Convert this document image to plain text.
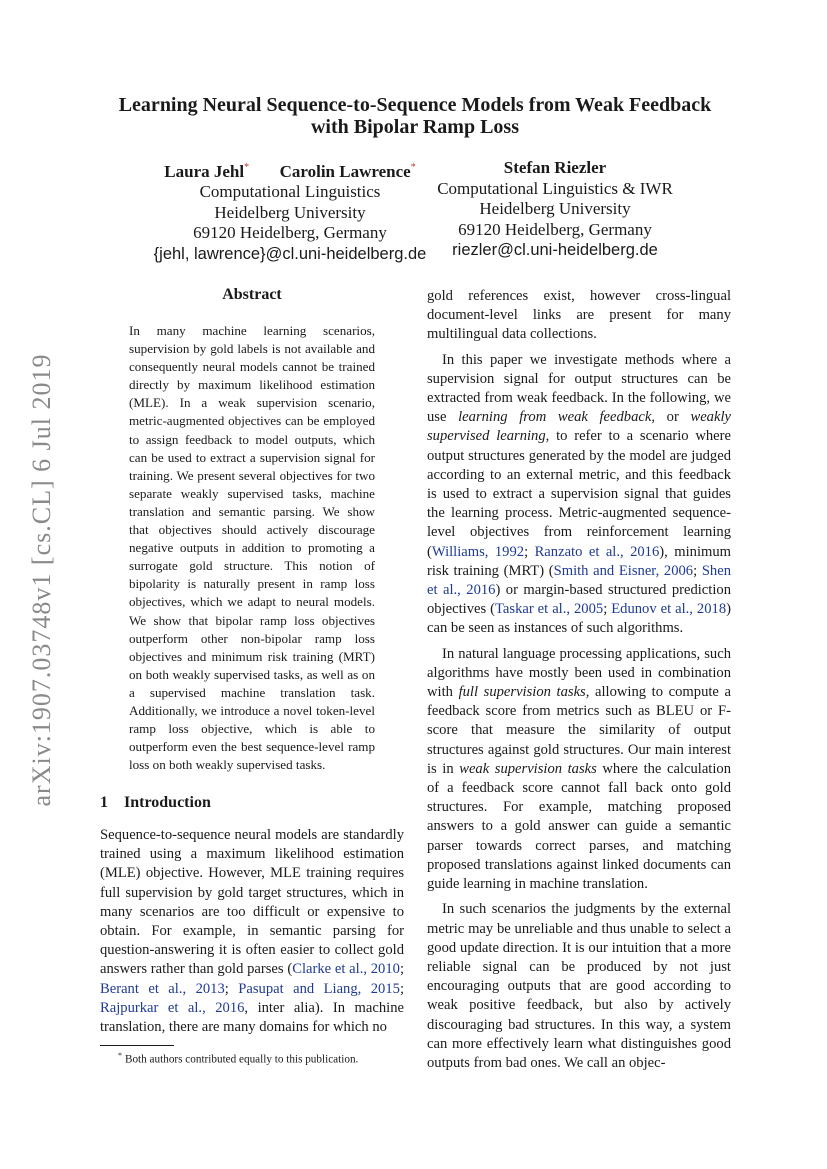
arXiv:1907.03748v1 [cs.CL] 6 Jul 2019
Learning Neural Sequence-to-Sequence Models from Weak Feedback
with Bipolar Ramp Loss
Laura Jehl* Carolin Lawrence*
Computational Linguistics
Heidelberg University
69120 Heidelberg, Germany
{jehl, lawrence}@cl.uni-heidelberg.de
Stefan Riezler
Computational Linguistics & IWR
Heidelberg University
69120 Heidelberg, Germany
riezler@cl.uni-heidelberg.de
Abstract
In many machine learning scenarios, supervision by gold labels is not available and consequently neural models cannot be trained directly by maximum likelihood estimation (MLE). In a weak supervision scenario, metric-augmented objectives can be employed to assign feedback to model outputs, which can be used to extract a supervision signal for training. We present several objectives for two separate weakly supervised tasks, machine translation and semantic parsing. We show that objectives should actively discourage negative outputs in addition to promoting a surrogate gold structure. This notion of bipolarity is naturally present in ramp loss objectives, which we adapt to neural models. We show that bipolar ramp loss objectives outperform other non-bipolar ramp loss objectives and minimum risk training (MRT) on both weakly supervised tasks, as well as on a supervised machine translation task. Additionally, we introduce a novel token-level ramp loss objective, which is able to outperform even the best sequence-level ramp loss on both weakly supervised tasks.
1 Introduction

Sequence-to-sequence neural models are standardly trained using a maximum likelihood estimation (MLE) objective. However, MLE training requires full supervision by gold target structures, which in many scenarios are too difficult or expensive to obtain. For example, in semantic parsing for question-answering it is often easier to collect gold answers rather than gold parses (Clarke et al., 2010; Berant et al., 2013; Pasupat and Liang, 2015; Rajpurkar et al., 2016, inter alia). In machine translation, there are many domains for which no

gold references exist, however cross-lingual document-level links are present for many multilingual data collections.

In this paper we investigate methods where a supervision signal for output structures can be extracted from weak feedback. In the following, we use learning from weak feedback, or weakly supervised learning, to refer to a scenario where output structures generated by the model are judged according to an external metric, and this feedback is used to extract a supervision signal that guides the learning process. Metric-augmented sequence-level objectives from reinforcement learning (Williams, 1992; Ranzato et al., 2016), minimum risk training (MRT) (Smith and Eisner, 2006; Shen et al., 2016) or margin-based structured prediction objectives (Taskar et al., 2005; Edunov et al., 2018) can be seen as instances of such algorithms.

In natural language processing applications, such algorithms have mostly been used in combination with full supervision tasks, allowing to compute a feedback score from metrics such as BLEU or F-score that measure the similarity of output structures against gold structures. Our main interest is in weak supervision tasks where the calculation of a feedback score cannot fall back onto gold structures. For example, matching proposed answers to a gold answer can guide a semantic parser towards correct parses, and matching proposed translations against linked documents can guide learning in machine translation.

In such scenarios the judgments by the external metric may be unreliable and thus unable to select a good update direction. It is our intuition that a more reliable signal can be produced by not just encouraging outputs that are good according to weak positive feedback, but also by actively discouraging bad structures. In this way, a system can more effectively learn what distinguishes good outputs from bad ones. We call an objec-

* Both authors contributed equally to this publication.
